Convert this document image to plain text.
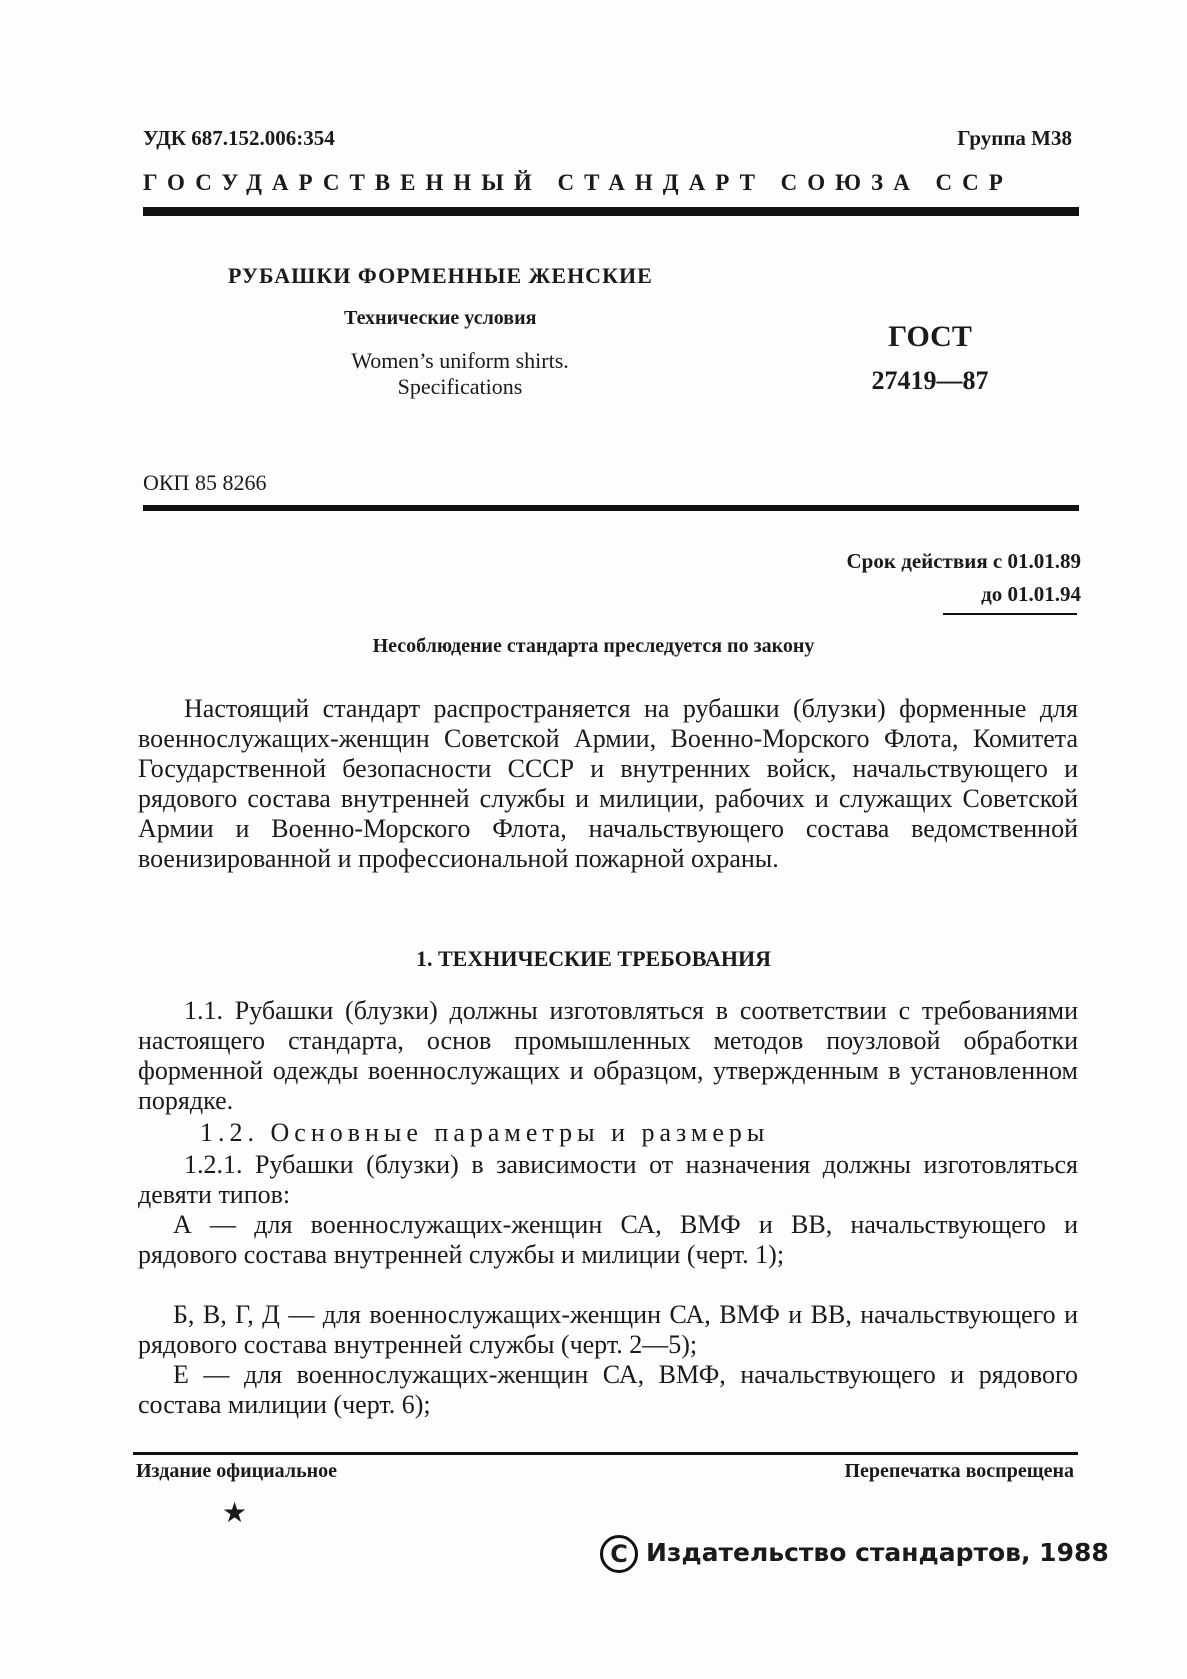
УДК 687.152.006:354	Группа М38
ГОСУДАРСТВЕННЫЙ СТАНДАРТ СОЮЗА ССР
РУБАШКИ ФОРМЕННЫЕ ЖЕНСКИЕ
Технические условия
Women’s uniform shirts.
Specifications
ГОСТ
27419—87
ОКП 85 8266
Срок действия с 01.01.89
до 01.01.94
Несоблюдение стандарта преследуется по закону

Настоящий стандарт распространяется на рубашки (блузки) форменные для военнослужащих-женщин Советской Армии, Военно-Морского Флота, Комитета Государственной безопасности СССР и внутренних войск, начальствующего и рядового состава внутренней службы и милиции, рабочих и служащих Советской Армии и Военно-Морского Флота, начальствующего состава ведомственной военизированной и профессиональной пожарной охраны.

1. ТЕХНИЧЕСКИЕ ТРЕБОВАНИЯ

1.1. Рубашки (блузки) должны изготовляться в соответствии с требованиями настоящего стандарта, основ промышленных методов поузловой обработки форменной одежды военнослужащих и образцом, утвержденным в установленном порядке.

1.2. Основные параметры и размеры

1.2.1. Рубашки (блузки) в зависимости от назначения должны изготовляться девяти типов:

А — для военнослужащих-женщин СА, ВМФ и ВВ, начальствующего и рядового состава внутренней службы и милиции (черт. 1);

Б, В, Г, Д — для военнослужащих-женщин СА, ВМФ и ВВ, начальствующего и рядового состава внутренней службы (черт. 2—5);

Е — для военнослужащих-женщин СА, ВМФ, начальствующего и рядового состава милиции (черт. 6);

Издание официальное	Перепечатка воспрещена
★
C Издательство стандартов, 1988
